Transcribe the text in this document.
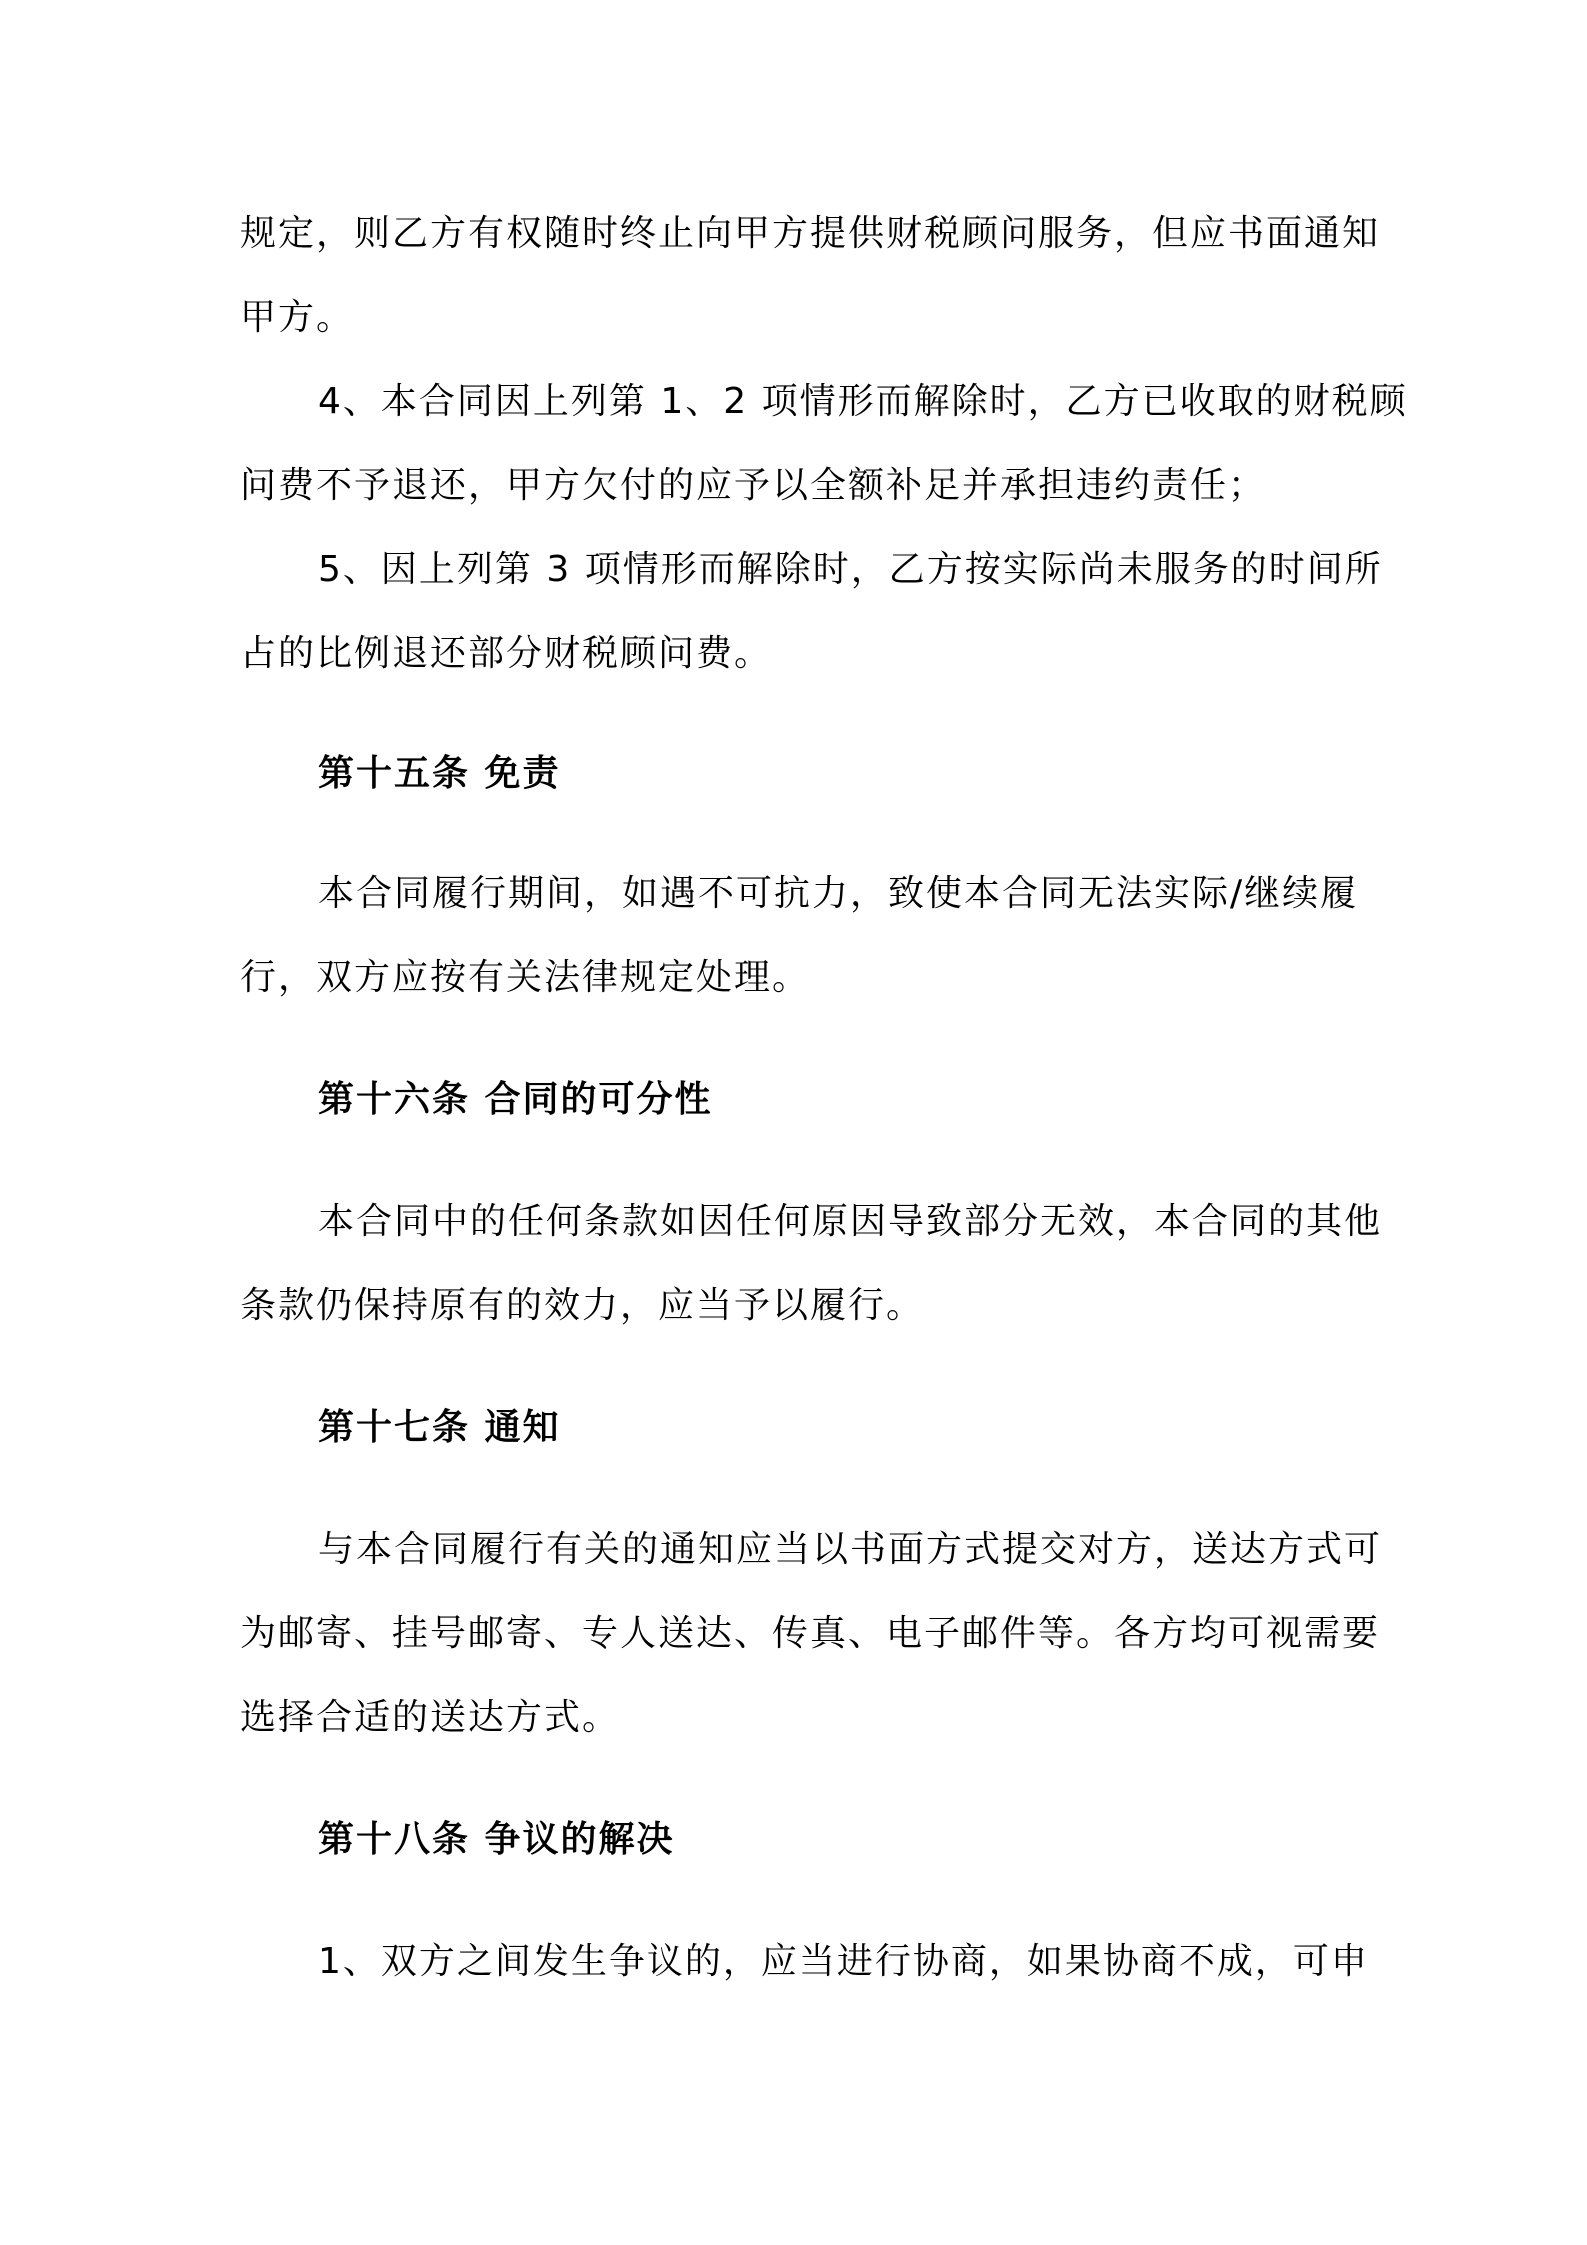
规定，则乙方有权随时终止向甲方提供财税顾问服务，但应书面通知
甲方。
4、本合同因上列第 1、2 项情形而解除时，乙方已收取的财税顾
问费不予退还，甲方欠付的应予以全额补足并承担违约责任；
5、因上列第 3 项情形而解除时，乙方按实际尚未服务的时间所
占的比例退还部分财税顾问费。
第十五条 免责
本合同履行期间，如遇不可抗力，致使本合同无法实际/继续履
行，双方应按有关法律规定处理。
第十六条 合同的可分性
本合同中的任何条款如因任何原因导致部分无效，本合同的其他
条款仍保持原有的效力，应当予以履行。
第十七条 通知
与本合同履行有关的通知应当以书面方式提交对方，送达方式可
为邮寄、挂号邮寄、专人送达、传真、电子邮件等。各方均可视需要
选择合适的送达方式。
第十八条 争议的解决
1、双方之间发生争议的，应当进行协商，如果协商不成，可申
